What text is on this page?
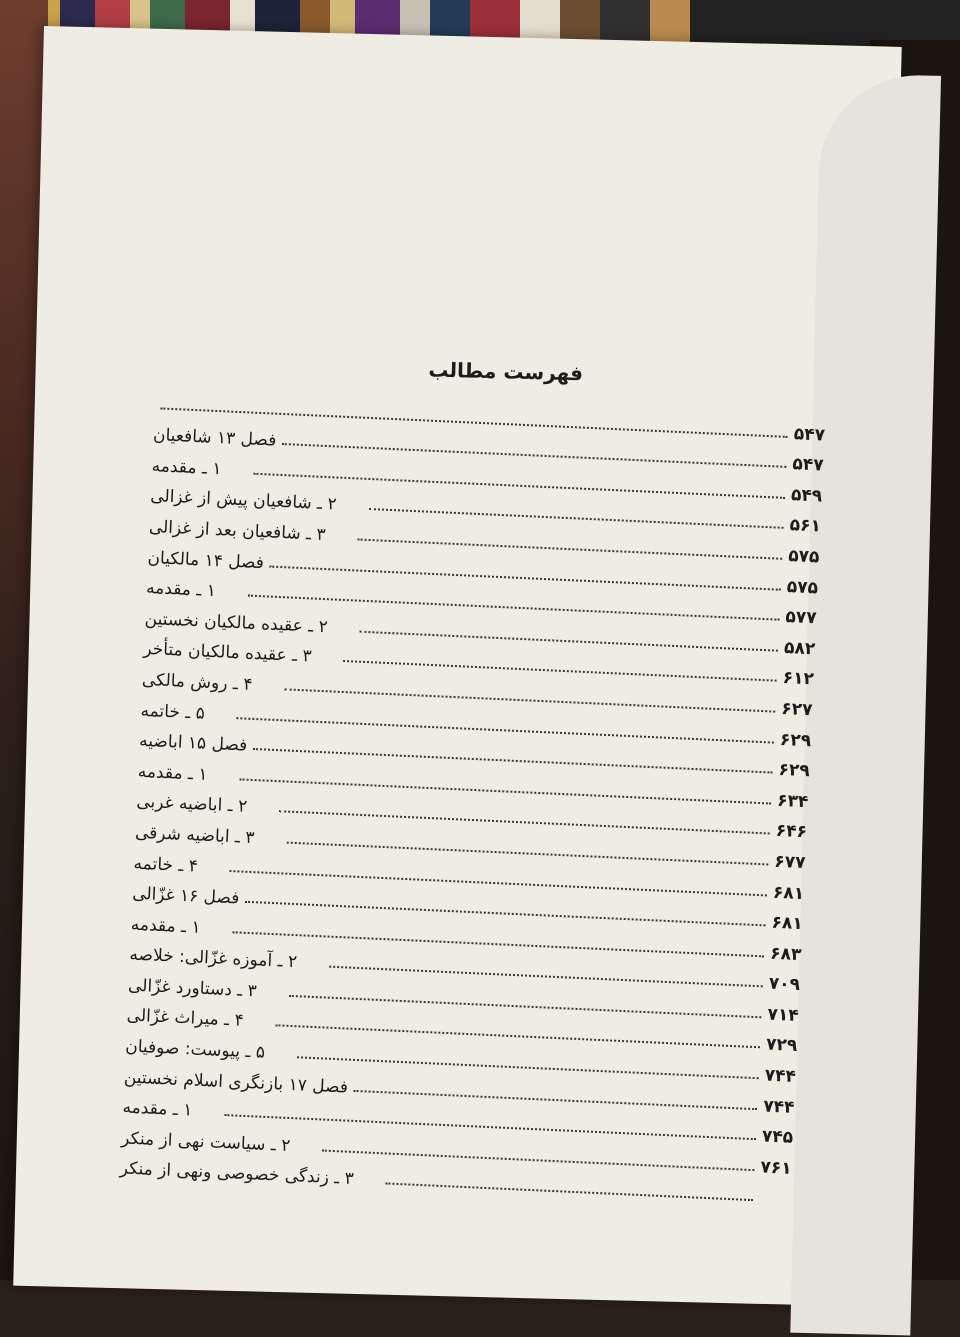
فهرست مطالب
۵۴۷
فصل ۱۳ شافعیان
۵۴۷
۱ ـ مقدمه
۵۴۹
۲ ـ شافعیان پیش از غزالی
۵۶۱
۳ ـ شافعیان بعد از غزالی
۵۷۵
فصل ۱۴ مالکیان
۵۷۵
۱ ـ مقدمه
۵۷۷
۲ ـ عقیده مالکیان نخستین
۵۸۲
۳ ـ عقیده مالکیان متأخر
۶۱۲
۴ ـ روش مالکی
۶۲۷
۵ ـ خاتمه
۶۲۹
فصل ۱۵ اباضیه
۶۲۹
۱ ـ مقدمه
۶۳۴
۲ ـ اباضیه غربی
۶۴۶
۳ ـ اباضیه شرقی
۶۷۷
۴ ـ خاتمه
۶۸۱
فصل ۱۶ غزّالی
۶۸۱
۱ ـ مقدمه
۶۸۳
۲ ـ آموزه غزّالی: خلاصه
۷۰۹
۳ ـ دستاورد غزّالی
۷۱۴
۴ ـ میراث غزّالی
۷۲۹
۵ ـ پیوست: صوفیان
۷۴۴
فصل ۱۷ بازنگری اسلام نخستین
۷۴۴
۱ ـ مقدمه
۷۴۵
۲ ـ سیاست نهی از منکر
۷۶۱
۳ ـ زندگی خصوصی ونهی از منکر
